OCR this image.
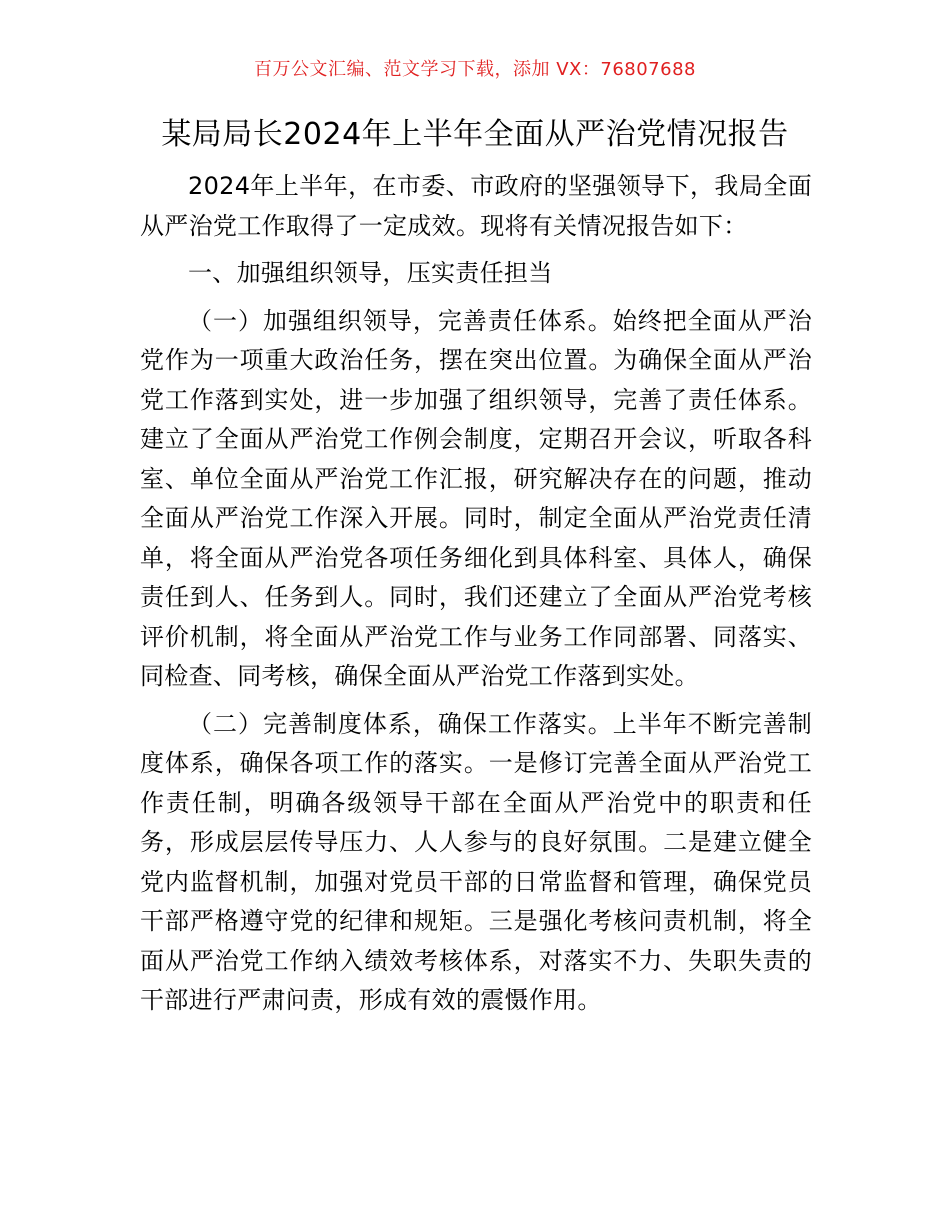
百万公文汇编、范文学习下载，添加 VX：76807688
某局局长2024年上半年全面从严治党情况报告

2024年上半年，在市委、市政府的坚强领导下，我局全面从严治党工作取得了一定成效。现将有关情况报告如下：

一、加强组织领导，压实责任担当

（一）加强组织领导，完善责任体系。始终把全面从严治党作为一项重大政治任务，摆在突出位置。为确保全面从严治党工作落到实处，进一步加强了组织领导，完善了责任体系。建立了全面从严治党工作例会制度，定期召开会议，听取各科室、单位全面从严治党工作汇报，研究解决存在的问题，推动全面从严治党工作深入开展。同时，制定全面从严治党责任清单，将全面从严治党各项任务细化到具体科室、具体人，确保责任到人、任务到人。同时，我们还建立了全面从严治党考核评价机制，将全面从严治党工作与业务工作同部署、同落实、同检查、同考核，确保全面从严治党工作落到实处。

（二）完善制度体系，确保工作落实。上半年不断完善制度体系，确保各项工作的落实。一是修订完善全面从严治党工作责任制，明确各级领导干部在全面从严治党中的职责和任务，形成层层传导压力、人人参与的良好氛围。二是建立健全党内监督机制，加强对党员干部的日常监督和管理，确保党员干部严格遵守党的纪律和规矩。三是强化考核问责机制，将全面从严治党工作纳入绩效考核体系，对落实不力、失职失责的干部进行严肃问责，形成有效的震慑作用。
